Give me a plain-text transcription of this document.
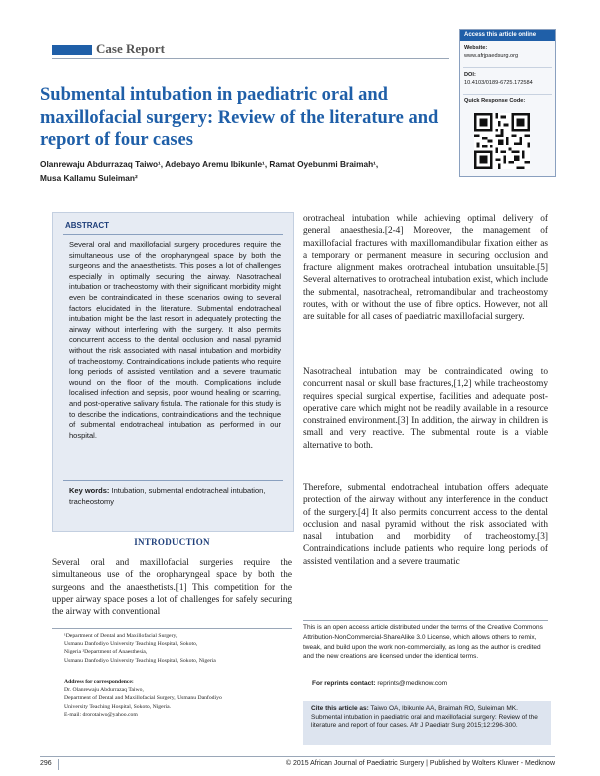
Case Report
Access this article online
Website:
www.afrjpaedsurg.org
DOI:
10.4103/0189-6725.172584
Quick Response Code:
Submental intubation in paediatric oral and maxillofacial surgery: Review of the literature and report of four cases
Olanrewaju Abdurrazaq Taiwo¹, Adebayo Aremu Ibikunle¹, Ramat Oyebunmi Braimah¹,
Musa Kallamu Suleiman²
ABSTRACT
Several oral and maxillofacial surgery procedures require the simultaneous use of the oropharyngeal space by both the surgeons and the anaesthetists. This poses a lot of challenges especially in optimally securing the airway. Nasotracheal intubation or tracheostomy with their significant morbidity might even be contraindicated in these scenarios owing to several factors elucidated in the literature. Submental endotracheal intubation might be the last resort in adequately protecting the airway without interfering with the surgery. It also permits concurrent access to the dental occlusion and nasal pyramid without the risk associated with nasal intubation and morbidity of tracheostomy. Contraindications include patients who require long periods of assisted ventilation and a severe traumatic wound on the floor of the mouth. Complications include localised infection and sepsis, poor wound healing or scarring, and post-operative salivary fistula. The rationale for this study is to describe the indications, contraindications and the technique of submental endotracheal intubation as performed in our hospital.
Key words: Intubation, submental endotracheal intubation, tracheostomy
INTRODUCTION
Several oral and maxillofacial surgeries require the simultaneous use of the oropharyngeal space by both the surgeons and the anaesthetists.[1] This competition for the upper airway space poses a lot of challenges for safely securing the airway with conventional
¹Department of Dental and Maxillofacial Surgery,
Usmanu Danfodiyo University Teaching Hospital, Sokoto,
Nigeria ²Department of Anaesthesia,
Usmanu Danfodiyo University Teaching Hospital, Sokoto, Nigeria
Address for correspondence:
Dr. Olanrewaju Abdurrazaq Taiwo,
Department of Dental and Maxillofacial Surgery, Usmanu Danfodiyo
University Teaching Hospital, Sokoto, Nigeria.
E-mail: drorotaiwo@yahoo.com
orotracheal intubation while achieving optimal delivery of general anaesthesia.[2-4] Moreover, the management of maxillofacial fractures with maxillomandibular fixation either as a temporary or permanent measure in securing occlusion and fracture alignment makes orotracheal intubation unsuitable.[5] Several alternatives to orotracheal intubation exist, which include the submental, nasotracheal, retromandibular and tracheostomy routes, with or without the use of fibre optics. However, not all are suitable for all cases of paediatric maxillofacial surgery.
Nasotracheal intubation may be contraindicated owing to concurrent nasal or skull base fractures,[1,2] while tracheostomy requires special surgical expertise, facilities and adequate post-operative care which might not be readily available in a resource constrained environment.[3] In addition, the airway in children is small and very reactive. The submental route is a viable alternative to both.
Therefore, submental endotracheal intubation offers adequate protection of the airway without any interference in the conduct of the surgery.[4] It also permits concurrent access to the dental occlusion and nasal pyramid without the risk associated with nasal intubation and morbidity of tracheostomy.[3] Contraindications include patients who require long periods of assisted ventilation and a severe traumatic
This is an open access article distributed under the terms of the Creative Commons Attribution-NonCommercial-ShareAlike 3.0 License, which allows others to remix, tweak, and build upon the work non-commercially, as long as the author is credited and the new creations are licensed under the identical terms.
For reprints contact: reprints@medknow.com
Cite this article as: Taiwo OA, Ibikunle AA, Braimah RO, Suleiman MK. Submental intubation in paediatric oral and maxillofacial surgery: Review of the literature and report of four cases. Afr J Paediatr Surg 2015;12:296-300.
296	© 2015 African Journal of Paediatric Surgery | Published by Wolters Kluwer - Medknow
